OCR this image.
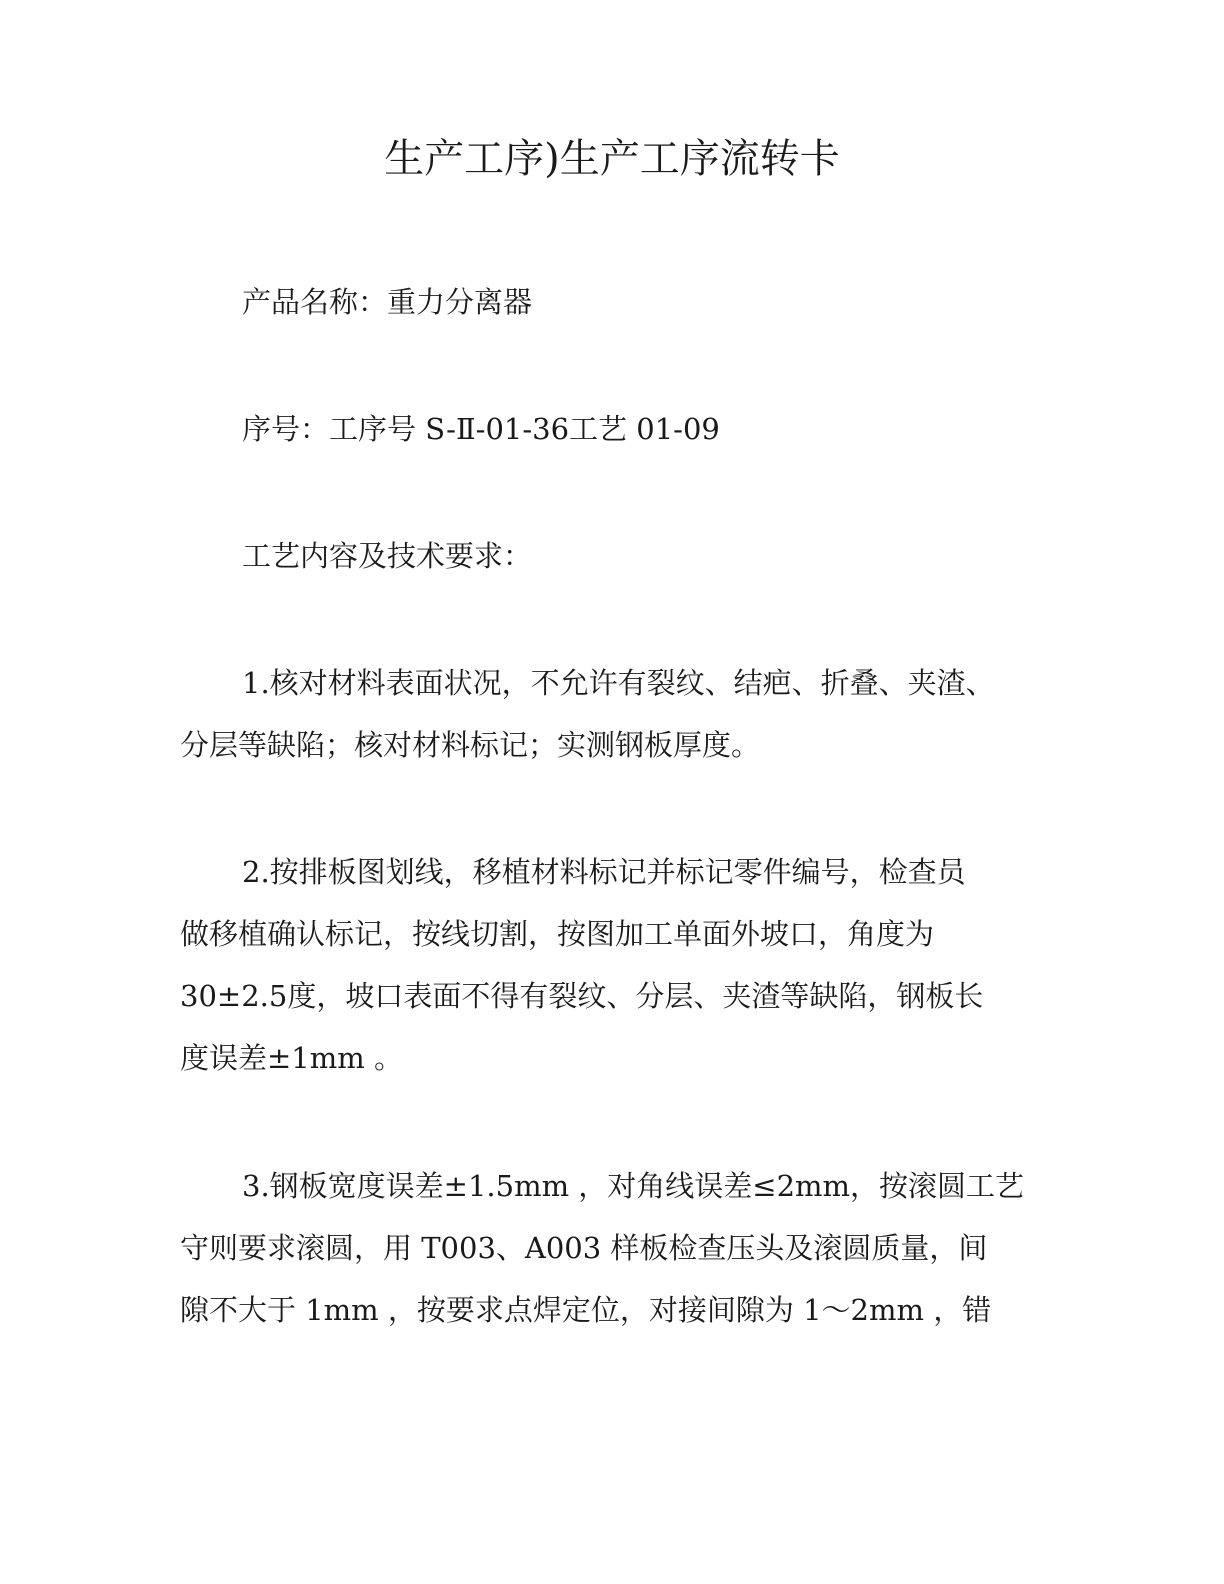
生产工序)生产工序流转卡
产品名称：重力分离器
序号：工序号 S-Ⅱ-01-36工艺 01-09
工艺内容及技术要求：
1.核对材料表面状况，不允许有裂纹、结疤、折叠、夹渣、
分层等缺陷；核对材料标记；实测钢板厚度。
2.按排板图划线，移植材料标记并标记零件编号，检查员
做移植确认标记，按线切割，按图加工单面外坡口，角度为
30±2.5度，坡口表面不得有裂纹、分层、夹渣等缺陷，钢板长
度误差±1mm 。
3.钢板宽度误差±1.5mm ，对角线误差≤2mm，按滚圆工艺
守则要求滚圆，用 T003、A003 样板检查压头及滚圆质量，间
隙不大于 1mm ，按要求点焊定位，对接间隙为 1～2mm ，错
